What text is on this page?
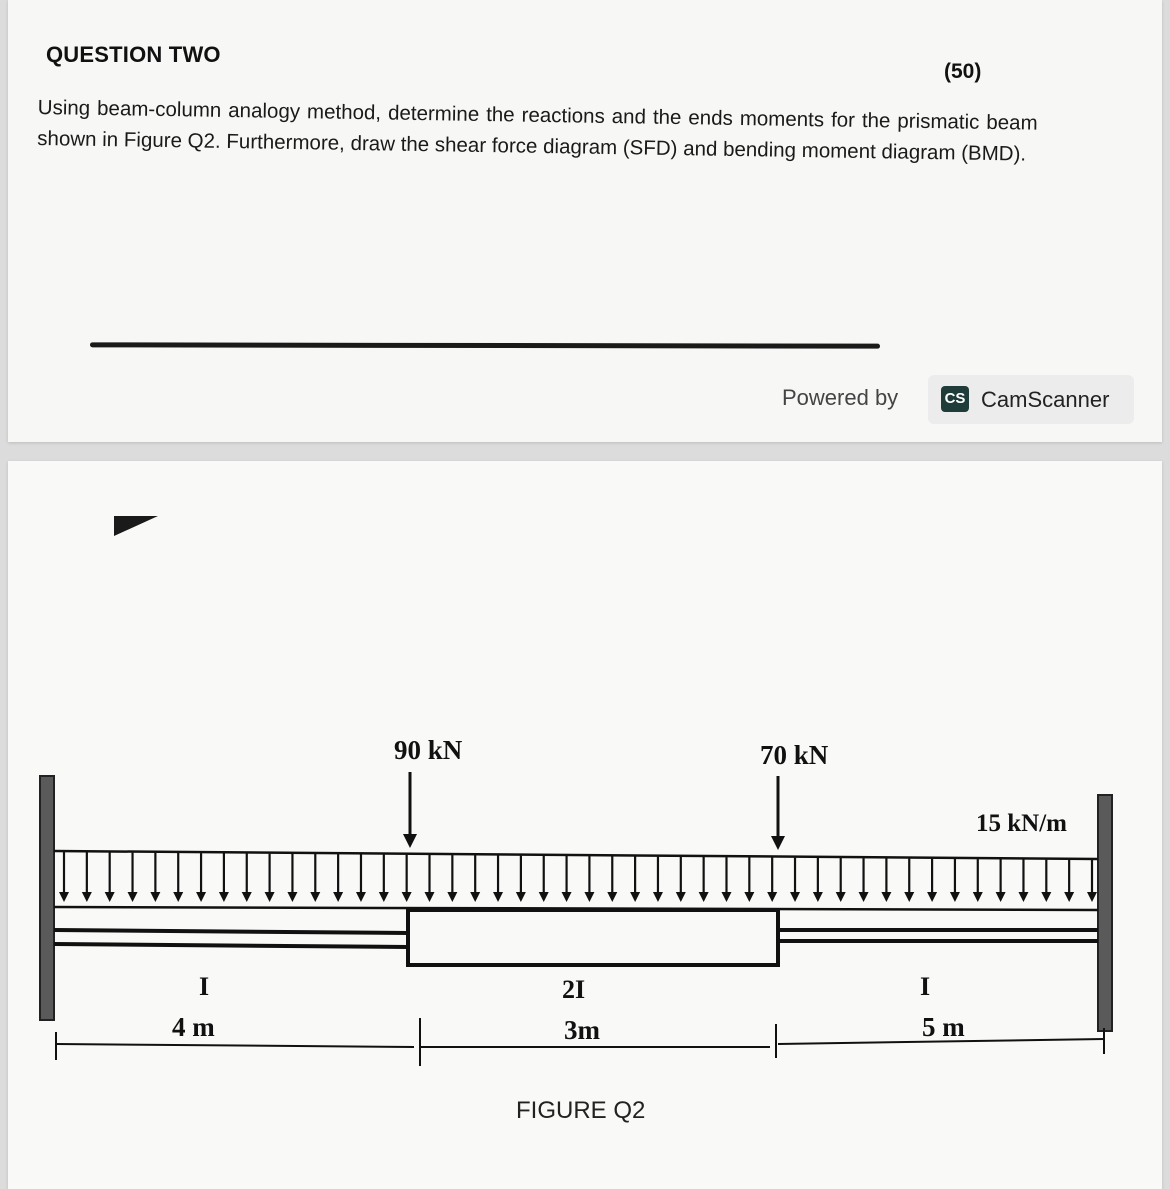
QUESTION TWO
(50)
Using beam-column analogy method, determine the reactions and the ends moments for the prismatic beam shown in Figure Q2. Furthermore, draw the shear force diagram (SFD) and bending moment diagram (BMD).
Powered by	CS CamScanner
90 kN	70 kN
15 kN/m
I	2I	I
4 m	3m	5 m
FIGURE Q2
